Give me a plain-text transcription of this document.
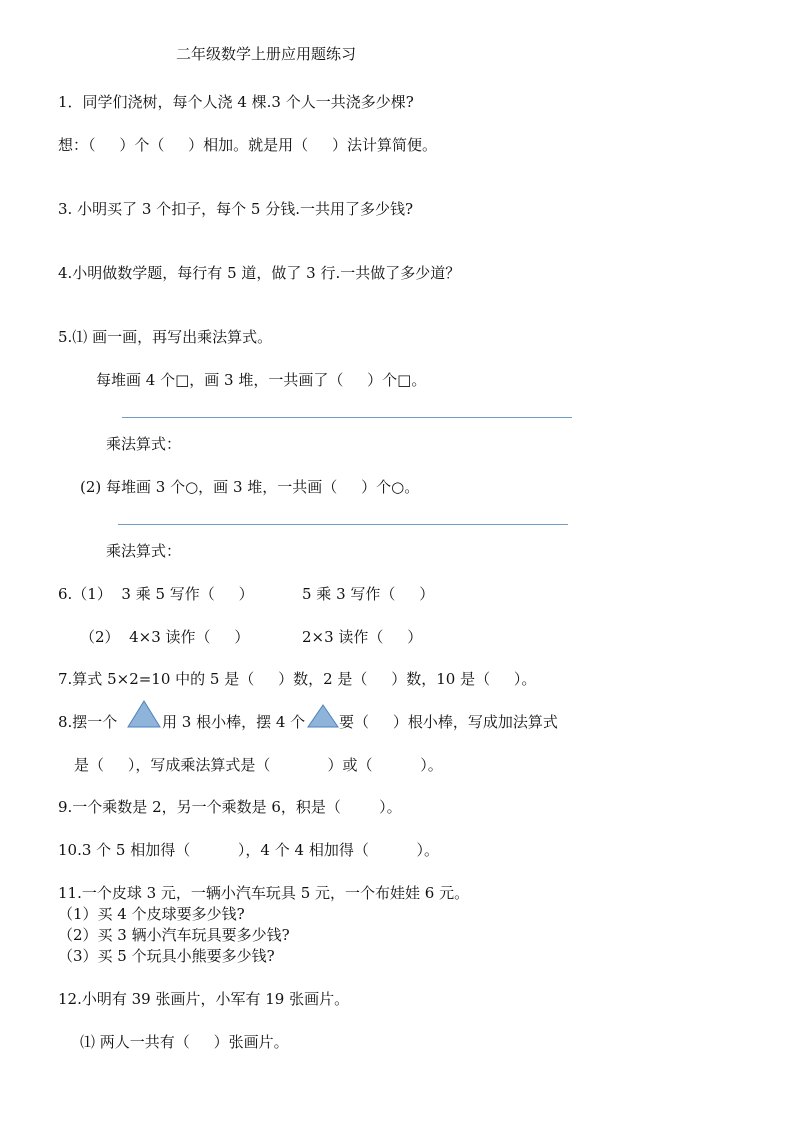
二年级数学上册应用题练习
1．同学们浇树，每个人浇 4 棵.3 个人一共浇多少棵?
想：（     ）个（     ）相加。就是用（     ）法计算简便。
3. 小明买了 3 个扣子，每个 5 分钱.一共用了多少钱?
4.小明做数学题，每行有 5 道，做了 3 行.一共做了多少道？
5.⑴ 画一画，再写出乘法算式。
每堆画 4 个□，画 3 堆，一共画了（     ）个□。
乘法算式：
(2) 每堆画 3 个○，画 3 堆，一共画（     ）个○。
乘法算式：
6.（1）  3 乘 5 写作（     ）	5 乘 3 写作（     ）
（2）  4×3 读作（     ）	2×3 读作（     ）
7.算式 5×2=10 中的 5 是（     ）数，2 是（     ）数，10 是（     ）。
8.摆一个	用 3 根小棒，摆 4 个 要（     ）根小棒，写成加法算式
是（     ），写成乘法算式是（            ）或（          ）。
9.一个乘数是 2，另一个乘数是 6，积是（        ）。
10.3 个 5 相加得（          ），4 个 4 相加得（          ）。
11.一个皮球 3 元，一辆小汽车玩具 5 元，一个布娃娃 6 元。
（1）买 4 个皮球要多少钱?
（2）买 3 辆小汽车玩具要多少钱?
（3）买 5 个玩具小熊要多少钱?
12.小明有 39 张画片，小军有 19 张画片。
⑴ 两人一共有（     ）张画片。
